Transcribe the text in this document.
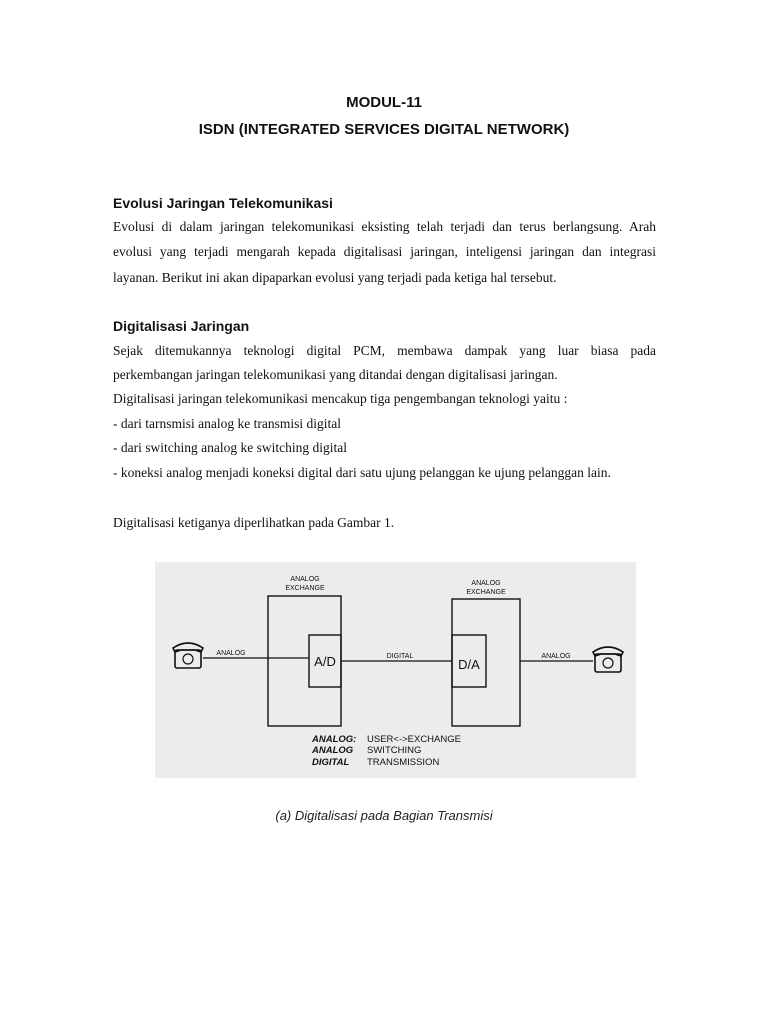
MODUL-11
ISDN (INTEGRATED SERVICES DIGITAL NETWORK)
Evolusi Jaringan Telekomunikasi
Evolusi di dalam jaringan telekomunikasi eksisting telah terjadi dan terus berlangsung. Arah
evolusi yang terjadi mengarah kepada digitalisasi jaringan, inteligensi jaringan dan integrasi
layanan. Berikut ini akan dipaparkan evolusi yang terjadi pada ketiga hal tersebut.
Digitalisasi Jaringan
Sejak ditemukannya teknologi digital PCM, membawa dampak yang luar biasa pada
perkembangan jaringan telekomunikasi yang ditandai dengan digitalisasi jaringan.
Digitalisasi jaringan telekomunikasi mencakup tiga pengembangan teknologi yaitu :
- dari tarnsmisi analog ke transmisi digital
- dari switching analog ke switching digital
- koneksi analog menjadi koneksi digital dari satu ujung pelanggan ke ujung pelanggan lain.
Digitalisasi ketiganya diperlihatkan pada Gambar 1.
ANALOG
EXCHANGE
ANALOG
EXCHANGE
A/D	D/A
ANALOG	DIGITAL	ANALOG
ANALOG: USER<->EXCHANGE
ANALOG SWITCHING
DIGITAL TRANSMISSION
(a) Digitalisasi pada Bagian Transmisi
